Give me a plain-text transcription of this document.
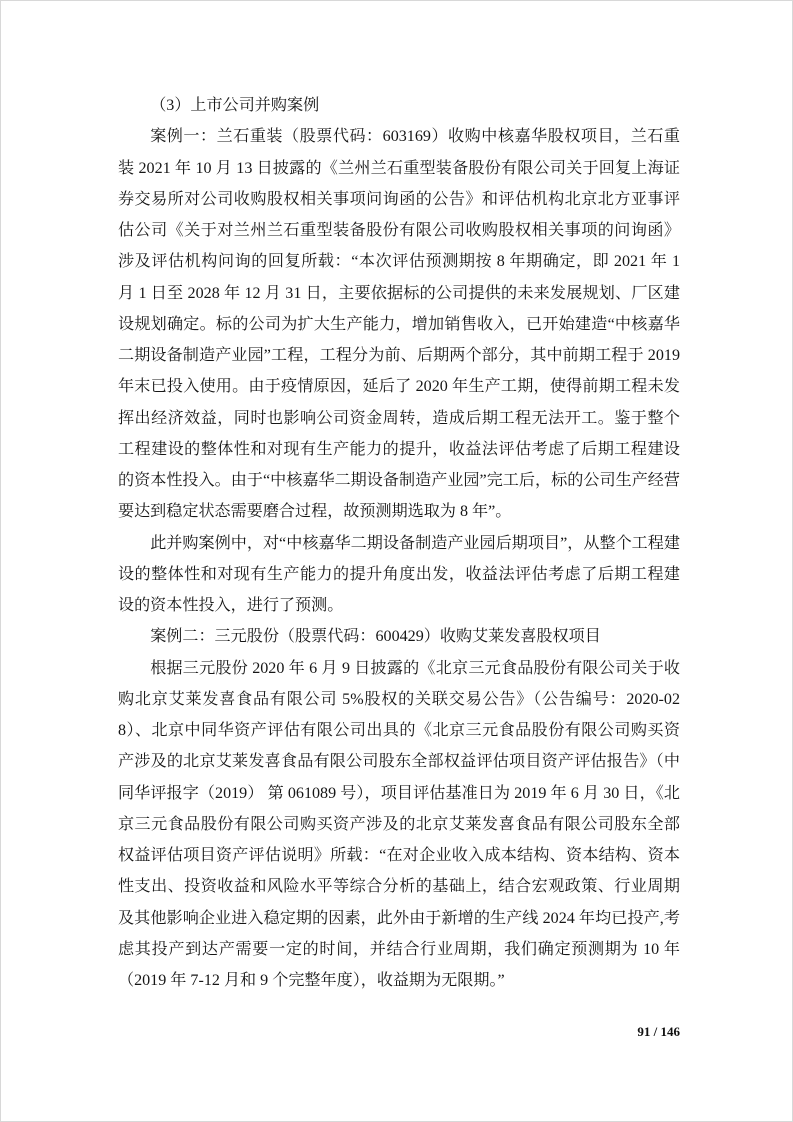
（3）上市公司并购案例

案例一：兰石重装（股票代码：603169）收购中核嘉华股权项目，兰石重装 2021 年 10 月 13 日披露的《兰州兰石重型装备股份有限公司关于回复上海证券交易所对公司收购股权相关事项问询函的公告》和评估机构北京北方亚事评估公司《关于对兰州兰石重型装备股份有限公司收购股权相关事项的问询函》涉及评估机构问询的回复所载：“本次评估预测期按 8 年期确定，即 2021 年 1 月 1 日至 2028 年 12 月 31 日，主要依据标的公司提供的未来发展规划、厂区建设规划确定。标的公司为扩大生产能力，增加销售收入，已开始建造“中核嘉华二期设备制造产业园”工程，工程分为前、后期两个部分，其中前期工程于 2019 年末已投入使用。由于疫情原因，延后了 2020 年生产工期，使得前期工程未发挥出经济效益，同时也影响公司资金周转，造成后期工程无法开工。鉴于整个工程建设的整体性和对现有生产能力的提升，收益法评估考虑了后期工程建设的资本性投入。由于“中核嘉华二期设备制造产业园”完工后，标的公司生产经营要达到稳定状态需要磨合过程，故预测期选取为 8 年”。

此并购案例中，对“中核嘉华二期设备制造产业园后期项目”，从整个工程建设的整体性和对现有生产能力的提升角度出发，收益法评估考虑了后期工程建设的资本性投入，进行了预测。

案例二：三元股份（股票代码：600429）收购艾莱发喜股权项目

根据三元股份 2020 年 6 月 9 日披露的《北京三元食品股份有限公司关于收购北京艾莱发喜食品有限公司 5%股权的关联交易公告》（公告编号：2020-028）、北京中同华资产评估有限公司出具的《北京三元食品股份有限公司购买资产涉及的北京艾莱发喜食品有限公司股东全部权益评估项目资产评估报告》（中同华评报字（2019） 第 061089 号），项目评估基准日为 2019 年 6 月 30 日，《北京三元食品股份有限公司购买资产涉及的北京艾莱发喜食品有限公司股东全部权益评估项目资产评估说明》所载：“在对企业收入成本结构、资本结构、资本性支出、投资收益和风险水平等综合分析的基础上，结合宏观政策、行业周期及其他影响企业进入稳定期的因素，此外由于新增的生产线 2024 年均已投产,考虑其投产到达产需要一定的时间，并结合行业周期，我们确定预测期为 10 年（2019 年 7-12 月和 9 个完整年度），收益期为无限期。”

91 / 146
